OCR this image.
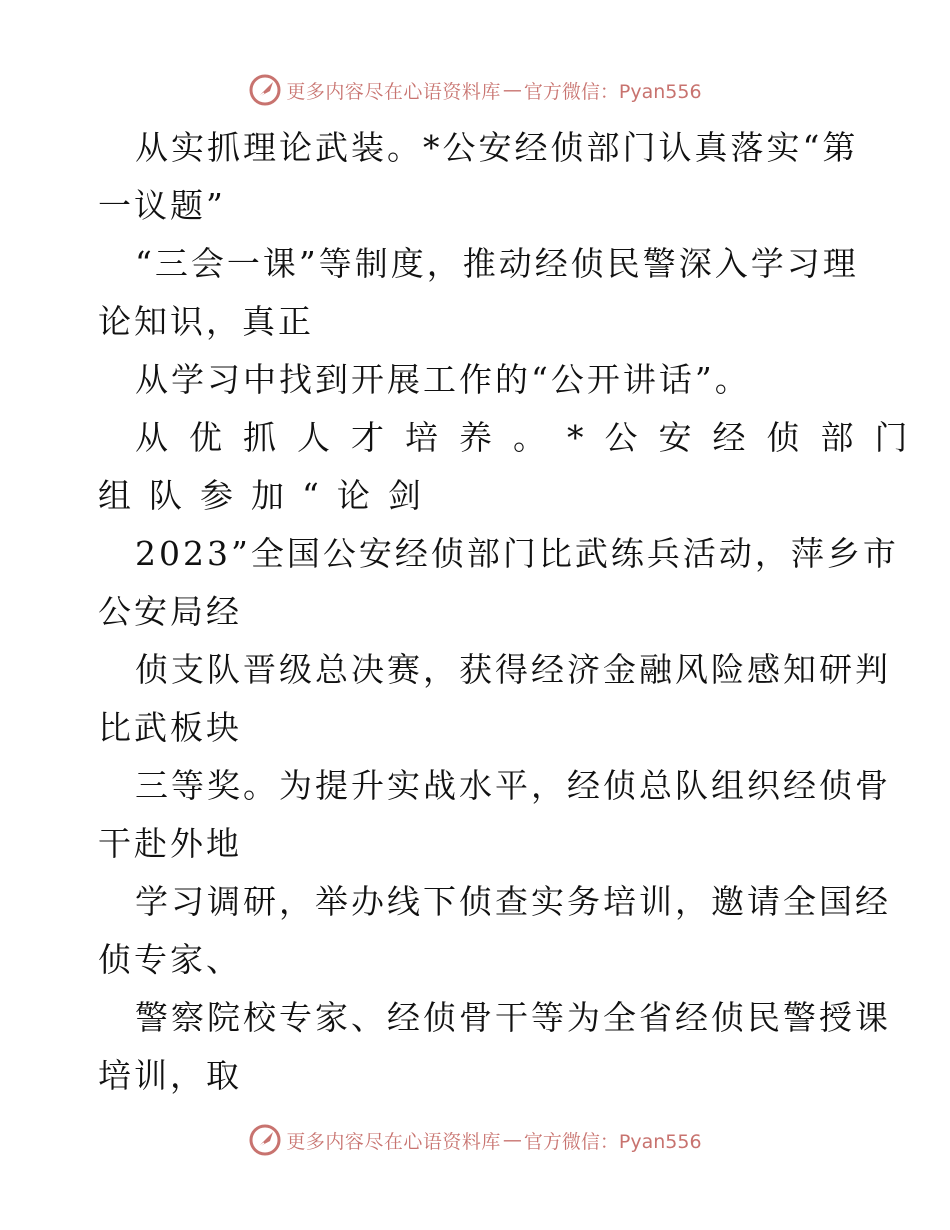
更多内容尽在心语资料库 — 官方微信：Pyan556
从实抓理论武装。*公安经侦部门认真落实“第
一议题”
“三会一课”等制度，推动经侦民警深入学习理
论知识，真正
从学习中找到开展工作的“公开讲话”。
从优抓人才培养。*公安经侦部门
组队参加“论剑
2023”全国公安经侦部门比武练兵活动，萍乡市
公安局经
侦支队晋级总决赛，获得经济金融风险感知研判
比武板块
三等奖。为提升实战水平，经侦总队组织经侦骨
干赴外地
学习调研，举办线下侦查实务培训，邀请全国经
侦专家、
警察院校专家、经侦骨干等为全省经侦民警授课
培训，取
更多内容尽在心语资料库 — 官方微信：Pyan556
